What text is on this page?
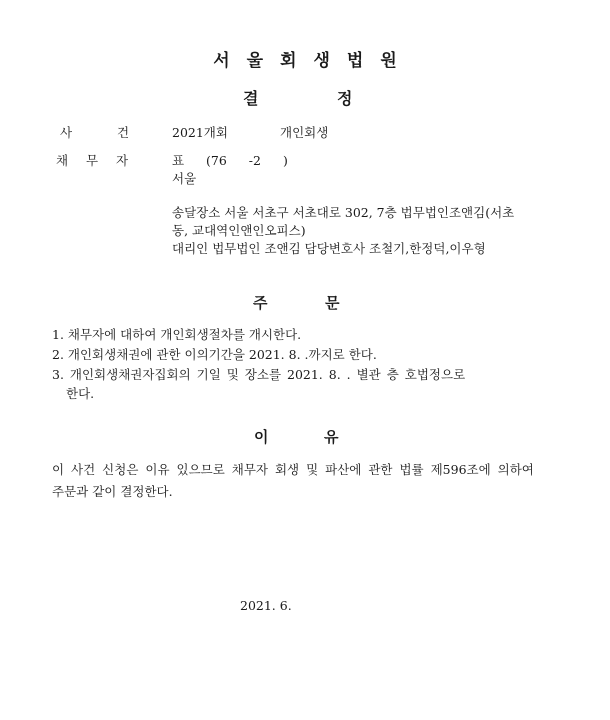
서울회생법원
결	정
사	건	2021개회	개인회생
채 무 자	표 (76 -2 )
서울
송달장소 서울 서초구 서초대로 302, 7층 법무법인조앤김(서초
동, 교대역인앤인오피스)
대리인 법무법인 조앤김 담당변호사 조철기,한정덕,이우형
주	문
1. 채무자에 대하여 개인회생절차를 개시한다.
2. 개인회생채권에 관한 이의기간을 2021. 8. .까지로 한다.
3. 개인회생채권자집회의 기일 및 장소를 2021. 8. . 별관 층 호법정으로
한다.
이	유
이 사건 신청은 이유 있으므로 채무자 회생 및 파산에 관한 법률 제596조에 의하여
주문과 같이 결정한다.
2021. 6.
